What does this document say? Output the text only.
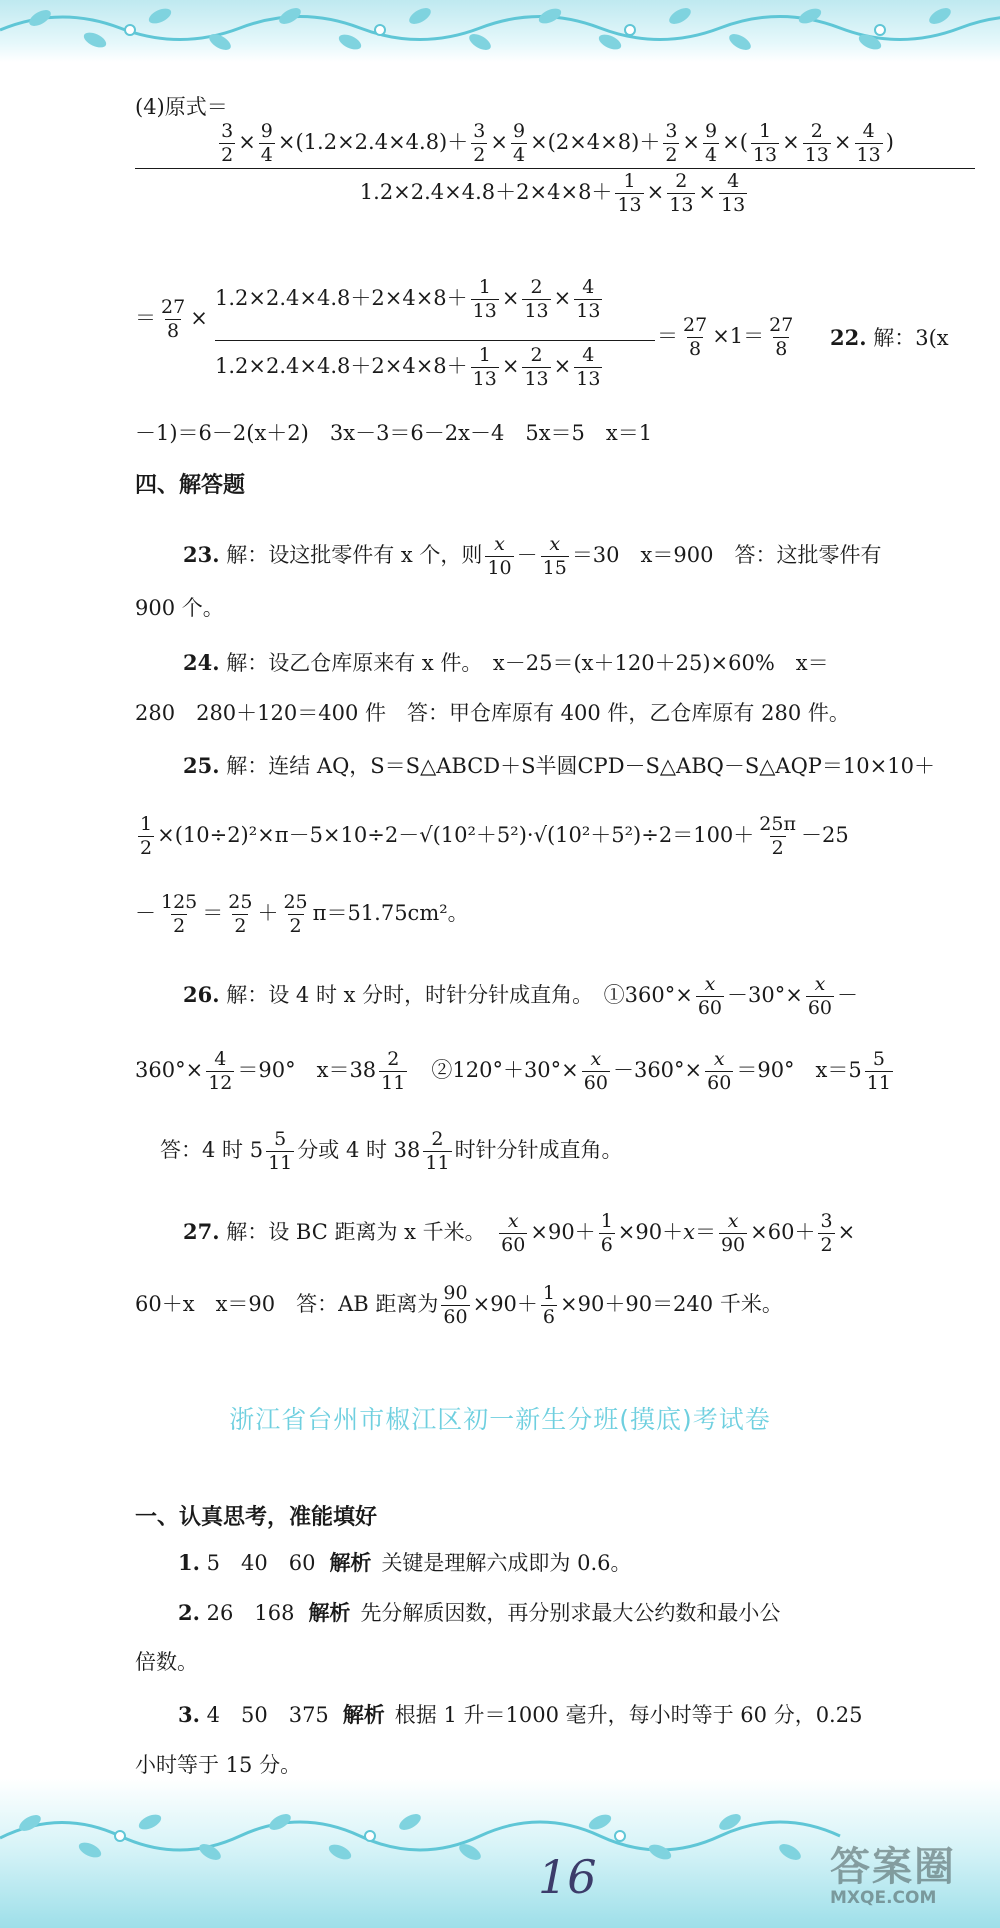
(4)原式＝
$\frac{3}{2} \times \frac{9}{4} \times(1.2\times 2.4\times 4.8)+ \frac{3}{2} \times \frac{9}{4} \times(2\times 4\times 8)+ \frac{3}{2} \times \frac{9}{4}$ ×( $\frac{1}{13} \times \frac{2}{13} \times \frac{4}{13}$ )
$1.2\times 2.4\times 4.8+2\times 4\times 8+ \frac{1}{13} \times \frac{2}{13} \times \frac{4}{13}$
＝ $\frac{27}{8}$ ×
$1.2\times 2.4\times 4.8+2\times 4\times 8+ \frac{1}{13} \times \frac{2}{13} \times \frac{4}{13}$
$1.2\times 2.4\times 4.8+2\times 4\times 8+ \frac{1}{13} \times \frac{2}{13} \times \frac{4}{13}$
＝ $\frac{27}{8} \times 1= \frac{27}{8} 22$. 解：3(x
－1)＝6－2(x＋2)　3x－3＝6－2x－4　5x＝5　x＝1
四、解答题
23. 解：设这批零件有 x 个，则 $\frac{x}{10} - \frac{x}{15} =30$　x＝900　答：这批零件有
900 个。
24. 解：设乙仓库原来有 x 件。　x－25＝(x＋120＋25)×60%　x＝
280　280＋120＝400 件　答：甲仓库原有 400 件，乙仓库原有 280 件。
25. 解：连结 AQ，S＝S△ABCD＋S半圆CPD－S△ABQ－S△AQP＝10×10＋
$\frac{1}{2} \times(10\div 2)^2\times\pi-5\times 10\div 2-√(10^2+5^2)\cdot√(10^2+5^2)\div 2=100+ \frac{25\pi}{2} -25$
－ $\frac{125}{2} = \frac{25}{2} + \frac{25}{2} \pi=51.75cm^2$。
26. 解：设 4 时 x 分时，时针分针成直角。　①360°× $\frac{x}{60} -30^\circ\times \frac{x}{60}$ －
$360^\circ\times \frac{4}{12} =90^\circ$　$x=38 \frac{2}{11}$
　 ②120°＋30°× $\frac{x}{60} -360^\circ\times \frac{x}{60} =90^\circ$　$x=5 \frac{5}{11}$
答：4 时 $5 \frac{5}{11}$ 分或 4 时 $38 \frac{2}{11}$ 时针分针成直角。
27. 解：设 BC 距离为 x 千米。　 $\frac{x}{60} \times 90+ \frac{1}{6} \times 90+x= \frac{x}{90} \times 60+ \frac{3}{2}$ ×
60＋x　x＝90　答：AB 距离为 $\frac{90}{60} \times 90+ \frac{1}{6} \times 90+90=240$ 千米。
浙江省台州市椒江区初一新生分班(摸底)考试卷
一、认真思考，准能填好
1. 5　40　60 解析 关键是理解六成即为 0.6。
2. 26　168 解析 先分解质因数，再分别求最大公约数和最小公
倍数。
3. 4　50　375 解析 根据 1 升＝1000 毫升，每小时等于 60 分，0.25
小时等于 15 分。
16	答案圈
MXQE.COM
